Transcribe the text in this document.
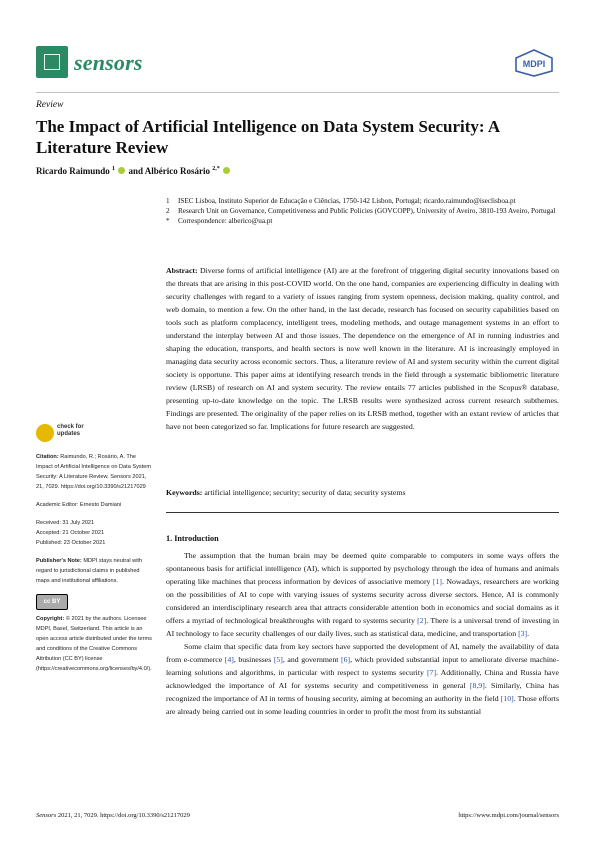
sensors	MDPI
Review
The Impact of Artificial Intelligence on Data System Security: A Literature Review
Ricardo Raimundo $^1$ and Albérico Rosário $^{2,*}$
1	ISEC Lisboa, Instituto Superior de Educação e Ciências, 1750-142 Lisbon, Portugal; ricardo.raimundo@iseclisboa.pt
2	Research Unit on Governance, Competitiveness and Public Policies (GOVCOPP), University of Aveiro, 3810-193 Aveiro, Portugal
*	Correspondence: alberico@ua.pt
Abstract: Diverse forms of artificial intelligence (AI) are at the forefront of triggering digital security innovations based on the threats that are arising in this post-COVID world. On the one hand, companies are experiencing difficulty in dealing with security challenges with regard to a variety of issues ranging from system openness, decision making, quality control, and web domain, to mention a few. On the other hand, in the last decade, research has focused on security capabilities based on tools such as platform complacency, intelligent trees, modeling methods, and outage management systems in an effort to understand the interplay between AI and those issues. The dependence on the emergence of AI in running industries and shaping the education, transports, and health sectors is now well known in the literature. AI is increasingly employed in managing data security across economic sectors. Thus, a literature review of AI and system security within the current digital society is opportune. This paper aims at identifying research trends in the field through a systematic bibliometric literature review (LRSB) of research on AI and system security. The review entails 77 articles published in the Scopus® database, presenting up-to-date knowledge on the topic. The LRSB results were synthesized across current research subthemes. Findings are presented. The originality of the paper relies on its LRSB method, together with an extant review of articles that have not been categorized so far. Implications for future research are suggested.
Keywords: artificial intelligence; security; security of data; security systems
check for
updates
Citation: Raimundo, R.; Rosário, A. The Impact of Artificial Intelligence on Data System Security: A Literature Review. Sensors 2021, 21, 7029. https://doi.org/10.3390/s21217029
Academic Editor: Ernesto Damiani
Received: 31 July 2021
Accepted: 21 October 2021
Published: 23 October 2021
Publisher's Note: MDPI stays neutral with regard to jurisdictional claims in published maps and institutional affiliations.
cc BY
Copyright: © 2021 by the authors. Licensee MDPI, Basel, Switzerland. This article is an open access article distributed under the terms and conditions of the Creative Commons Attribution (CC BY) license (https://creativecommons.org/licenses/by/4.0/).
1. Introduction

The assumption that the human brain may be deemed quite comparable to computers in some ways offers the spontaneous basis for artificial intelligence (AI), which is supported by psychology through the idea of humans and animals operating like machines that process information by devices of associative memory [1]. Nowadays, researchers are working on the possibilities of AI to cope with varying issues of systems security across diverse sectors. Hence, AI is commonly considered an interdisciplinary research area that attracts considerable attention both in economics and social domains as it offers a myriad of technological breakthroughs with regard to systems security [2]. There is a universal trend of investing in AI technology to face security challenges of our daily lives, such as statistical data, medicine, and transportation [3].

Some claim that specific data from key sectors have supported the development of AI, namely the availability of data from e-commerce [4], businesses [5], and government [6], which provided substantial input to ameliorate diverse machine-learning solutions and algorithms, in particular with respect to systems security [7]. Additionally, China and Russia have acknowledged the importance of AI for systems security and competitiveness in general [8,9]. Similarly, China has recognized the importance of AI in terms of housing security, aiming at becoming an authority in the field [10]. Those efforts are already being carried out in some leading countries in order to profit the most from its substantial

Sensors 2021, 21, 7029. https://doi.org/10.3390/s21217029	https://www.mdpi.com/journal/sensors
